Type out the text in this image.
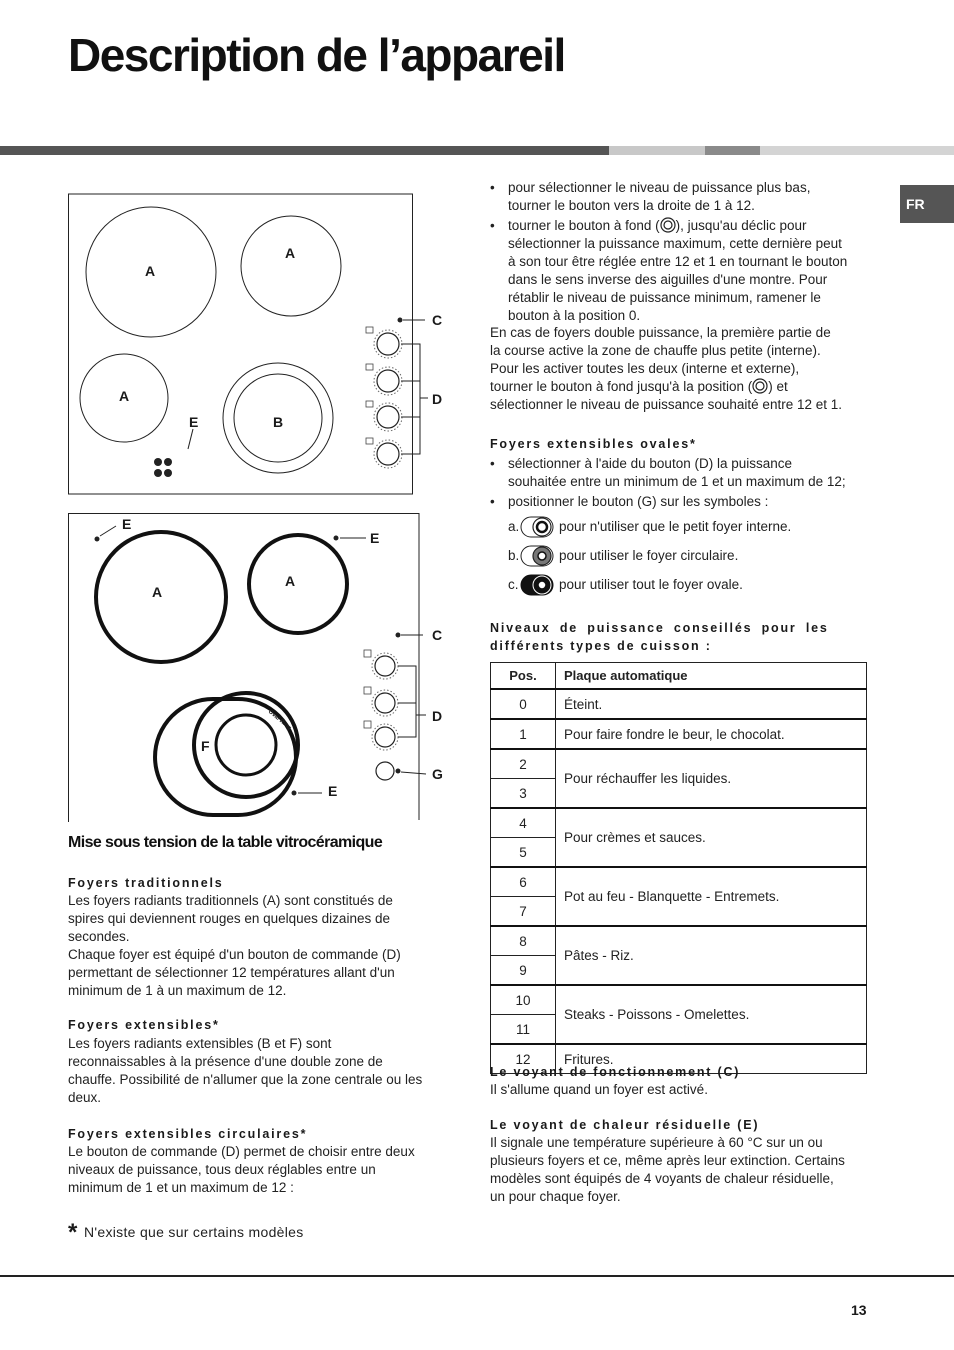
Description de l’appareil
FR
A
A
A
B
E
C
D
Oval Ring
E
E
A
A
C
D
F
G
E
Mise sous tension de la table vitrocéramique
Foyers traditionnels
Les foyers radiants traditionnels (A) sont constitués de
spires qui deviennent rouges en quelques dizaines de
secondes.
Chaque foyer est équipé d'un bouton de commande (D)
permettant de sélectionner 12 températures allant d'un
minimum de 1 à un maximum de 12.
Foyers extensibles*
Les foyers radiants extensibles (B et F) sont
reconnaissables à la présence d'une double zone de
chauffe. Possibilité de n'allumer que la zone centrale ou les
deux.
Foyers extensibles circulaires*
Le bouton de commande (D) permet de choisir entre deux
niveaux de puissance, tous deux réglables entre un
minimum de 1 et un maximum de 12 :
* N'existe que sur certains modèles
• pour sélectionner le niveau de puissance plus bas,
tourner le bouton vers la droite de 1 à 12.
• tourner le bouton à fond ( ), jusqu'au déclic pour
sélectionner la puissance maximum, cette dernière peut
à son tour être réglée entre 12 et 1 en tournant le bouton
dans le sens inverse des aiguilles d'une montre. Pour
rétablir le niveau de puissance minimum, ramener le
bouton à la position 0.
En cas de foyers double puissance, la première partie de
la course active la zone de chauffe plus petite (interne).
Pour les activer toutes les deux (interne et externe),
tourner le bouton à fond jusqu'à la position ( ) et
sélectionner le niveau de puissance souhaité entre 12 et 1.
Foyers extensibles ovales*
• sélectionner à l'aide du bouton (D) la puissance
souhaitée entre un minimum de 1 et un maximum de 12;
• positionner le bouton (G) sur les symboles :
a.	pour n'utiliser que le petit foyer interne.
b.	pour utiliser le foyer circulaire.
c.	pour utiliser tout le foyer ovale.
Niveaux de puissance conseillés pour les
différents types de cuisson :
Pos.	Plaque automatique
0	Éteint.
1	Pour faire fondre le beur, le chocolat.
2	Pour réchauffer les liquides.
3	
4	Pour crèmes et sauces.
5	
6	Pot au feu - Blanquette - Entremets.
7	
8	Pâtes - Riz.
9	
10	Steaks - Poissons - Omelettes.
11	
12	Fritures.
Le voyant de fonctionnement (C)
Il s'allume quand un foyer est activé.
Le voyant de chaleur résiduelle (E)
Il signale une température supérieure à 60 °C sur un ou
plusieurs foyers et ce, même après leur extinction. Certains
modèles sont équipés de 4 voyants de chaleur résiduelle,
un pour chaque foyer.
13
